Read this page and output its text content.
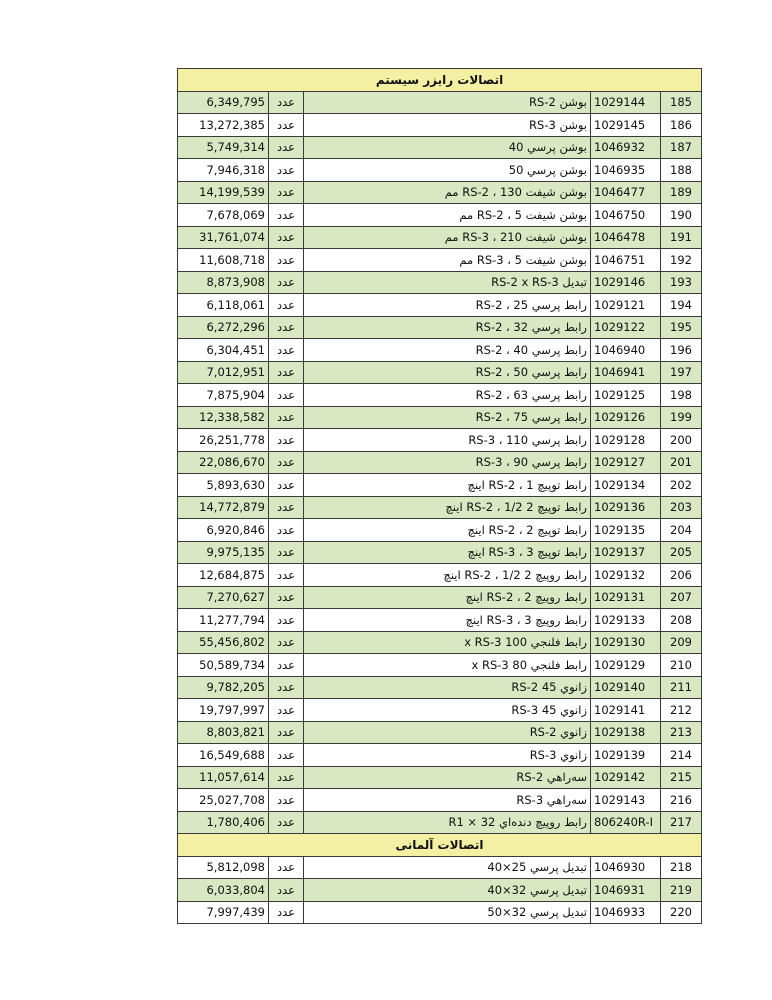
اتصالات رایزر سیستم				
6,349,795	عدد	بوشن RS-2	1029144	185
13,272,385	عدد	بوشن RS-3	1029145	186
5,749,314	عدد	بوشن پرسي 40	1046932	187
7,946,318	عدد	بوشن پرسي 50	1046935	188
14,199,539	عدد	بوشن شيفت RS-2 ، 130 مم	1046477	189
7,678,069	عدد	بوشن شيفت RS-2 ، 5 مم	1046750	190
31,761,074	عدد	بوشن شيفت RS-3 ، 210 مم	1046478	191
11,608,718	عدد	بوشن شيفت RS-3 ، 5 مم	1046751	192
8,873,908	عدد	تبديل RS-2 x RS-3	1029146	193
6,118,061	عدد	رابط پرسي RS-2 ، 25	1029121	194
6,272,296	عدد	رابط پرسي RS-2 ، 32	1029122	195
6,304,451	عدد	رابط پرسي RS-2 ، 40	1046940	196
7,012,951	عدد	رابط پرسي RS-2 ، 50	1046941	197
7,875,904	عدد	رابط پرسي RS-2 ، 63	1029125	198
12,338,582	عدد	رابط پرسي RS-2 ، 75	1029126	199
26,251,778	عدد	رابط پرسي RS-3 ، 110	1029128	200
22,086,670	عدد	رابط پرسي RS-3 ، 90	1029127	201
5,893,630	عدد	رابط توپيچ RS-2 ، 1 اينچ	1029134	202
14,772,879	عدد	رابط توپيچ RS-2 ، 1/2 2 اينچ	1029136	203
6,920,846	عدد	رابط توپيچ RS-2 ، 2 اينچ	1029135	204
9,975,135	عدد	رابط توپيچ RS-3 ، 3 اينچ	1029137	205
12,684,875	عدد	رابط روپيچ RS-2 ، 1/2 2 اينچ	1029132	206
7,270,627	عدد	رابط روپيچ RS-2 ، 2 اينچ	1029131	207
11,277,794	عدد	رابط روپيچ RS-3 ، 3 اينچ	1029133	208
55,456,802	عدد	رابط فلنجي 100 x RS-3	1029130	209
50,589,734	عدد	رابط فلنجي 80 x RS-3	1029129	210
9,782,205	عدد	زانوي 45 RS-2	1029140	211
19,797,997	عدد	زانوي 45 RS-3	1029141	212
8,803,821	عدد	زانوي RS-2	1029138	213
16,549,688	عدد	زانوي RS-3	1029139	214
11,057,614	عدد	سه‌راهي RS-2	1029142	215
25,027,708	عدد	سه‌راهي RS-3	1029143	216
1,780,406	عدد	رابط روپيچ دنده‌اي 32 × R1	806240R-I	217
اتصالات آلمانی				
5,812,098	عدد	تبديل پرسي 25×40	1046930	218
6,033,804	عدد	تبديل پرسي 32×40	1046931	219
7,997,439	عدد	تبديل پرسي 32×50	1046933	220
